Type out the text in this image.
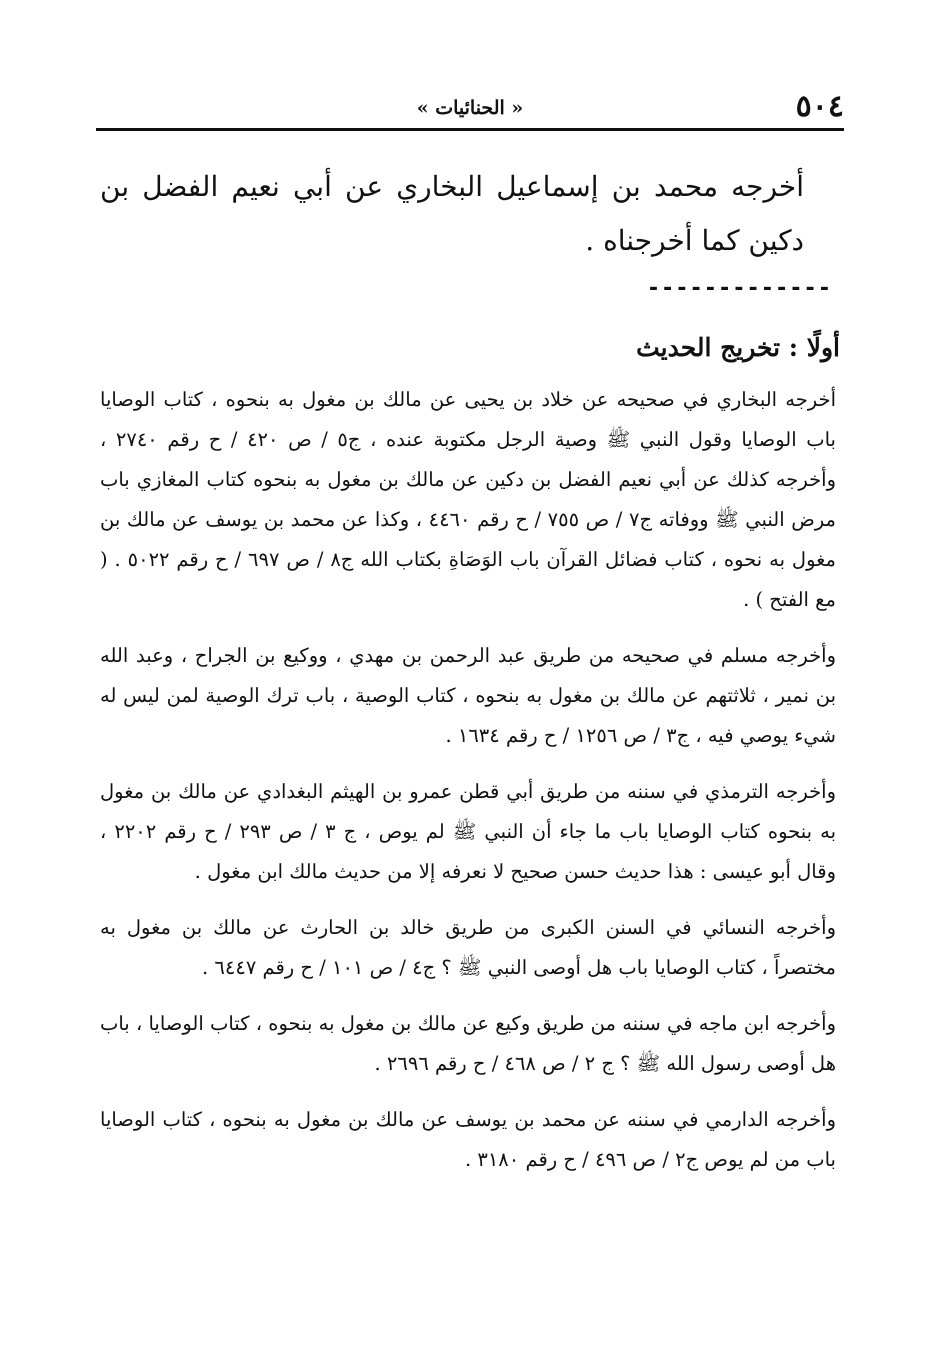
٥٠٤
« الحنائيات »

أخرجه محمد بن إسماعيل البخاري عن أبي نعيم الفضل بن دكين كما أخرجناه .

-------------
أولًا : تخريج الحديث

أخرجه البخاري في صحيحه عن خلاد بن يحيى عن مالك بن مغول به بنحوه ، كتاب الوصايا باب الوصايا وقول النبي ﷺ وصية الرجل مكتوبة عنده ، ج٥ / ص ٤٢٠ / ح رقم ٢٧٤٠ ، وأخرجه كذلك عن أبي نعيم الفضل بن دكين عن مالك بن مغول به بنحوه كتاب المغازي باب مرض النبي ﷺ ووفاته ج٧ / ص ٧٥٥ / ح رقم ٤٤٦٠ ، وكذا عن محمد بن يوسف عن مالك بن مغول به نحوه ، كتاب فضائل القرآن باب الوَصَاةِ بكتاب الله ج٨ / ص ٦٩٧ / ح رقم ٥٠٢٢ . ( مع الفتح ) .

وأخرجه مسلم في صحيحه من طريق عبد الرحمن بن مهدي ، ووكيع بن الجراح ، وعبد الله بن نمير ، ثلاثتهم عن مالك بن مغول به بنحوه ، كتاب الوصية ، باب ترك الوصية لمن ليس له شيء يوصي فيه ، ج٣ / ص ١٢٥٦ / ح رقم ١٦٣٤ .

وأخرجه الترمذي في سننه من طريق أبي قطن عمرو بن الهيثم البغدادي عن مالك بن مغول به بنحوه كتاب الوصايا باب ما جاء أن النبي ﷺ لم يوص ، ج ٣ / ص ٢٩٣ / ح رقم ٢٢٠٢ ، وقال أبو عيسى : هذا حديث حسن صحيح لا نعرفه إلا من حديث مالك ابن مغول .

وأخرجه النسائي في السنن الكبرى من طريق خالد بن الحارث عن مالك بن مغول به مختصراً ، كتاب الوصايا باب هل أوصى النبي ﷺ ؟ ج٤ / ص ١٠١ / ح رقم ٦٤٤٧ .

وأخرجه ابن ماجه في سننه من طريق وكيع عن مالك بن مغول به بنحوه ، كتاب الوصايا ، باب هل أوصى رسول الله ﷺ ؟ ج ٢ / ص ٤٦٨ / ح رقم ٢٦٩٦ .

وأخرجه الدارمي في سننه عن محمد بن يوسف عن مالك بن مغول به بنحوه ، كتاب الوصايا باب من لم يوص ج٢ / ص ٤٩٦ / ح رقم ٣١٨٠ .
